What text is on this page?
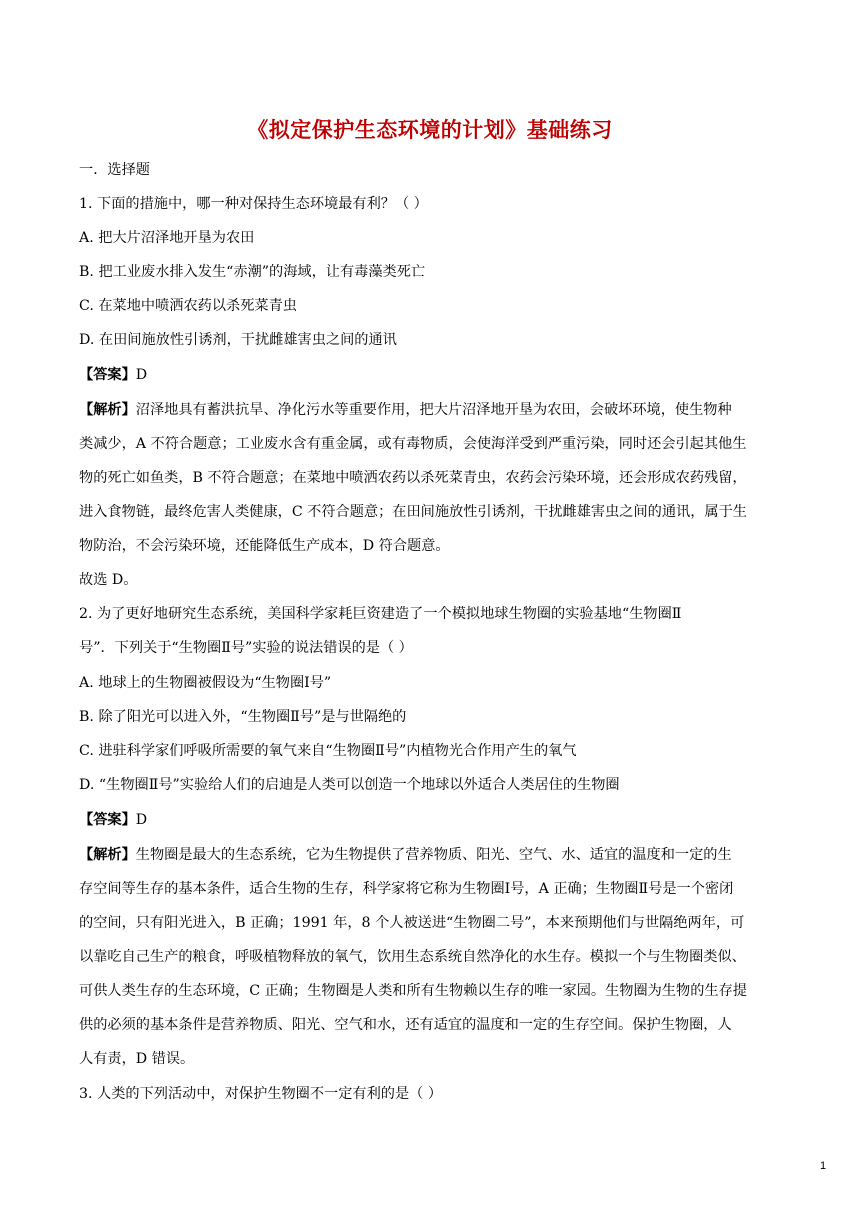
《拟定保护生态环境的计划》基础练习
一．选择题
1. 下面的措施中，哪一种对保持生态环境最有利？（ ）
A. 把大片沼泽地开垦为农田
B. 把工业废水排入发生“赤潮”的海域，让有毒藻类死亡
C. 在菜地中喷洒农药以杀死菜青虫
D. 在田间施放性引诱剂，干扰雌雄害虫之间的通讯
【答案】D
【解析】沼泽地具有蓄洪抗旱、净化污水等重要作用，把大片沼泽地开垦为农田，会破坏环境，使生物种
类减少，A 不符合题意；工业废水含有重金属，或有毒物质，会使海洋受到严重污染，同时还会引起其他生
物的死亡如鱼类，B 不符合题意；在菜地中喷洒农药以杀死菜青虫，农药会污染环境，还会形成农药残留，
进入食物链，最终危害人类健康，C 不符合题意；在田间施放性引诱剂，干扰雌雄害虫之间的通讯，属于生
物防治，不会污染环境，还能降低生产成本，D 符合题意。
故选 D。
2. 为了更好地研究生态系统，美国科学家耗巨资建造了一个模拟地球生物圈的实验基地“生物圈Ⅱ
号”．下列关于“生物圈Ⅱ号”实验的说法错误的是（ ）
A. 地球上的生物圈被假设为“生物圈Ⅰ号”
B. 除了阳光可以进入外，“生物圈Ⅱ号”是与世隔绝的
C. 进驻科学家们呼吸所需要的氧气来自“生物圈Ⅱ号”内植物光合作用产生的氧气
D. “生物圈Ⅱ号”实验给人们的启迪是人类可以创造一个地球以外适合人类居住的生物圈
【答案】D
【解析】生物圈是最大的生态系统，它为生物提供了营养物质、阳光、空气、水、适宜的温度和一定的生
存空间等生存的基本条件，适合生物的生存，科学家将它称为生物圈Ⅰ号，A 正确；生物圈Ⅱ号是一个密闭
的空间，只有阳光进入，B 正确；1991 年，8 个人被送进“生物圈二号”，本来预期他们与世隔绝两年，可
以靠吃自己生产的粮食，呼吸植物释放的氧气，饮用生态系统自然净化的水生存。模拟一个与生物圈类似、
可供人类生存的生态环境，C 正确；生物圈是人类和所有生物赖以生存的唯一家园。生物圈为生物的生存提
供的必须的基本条件是营养物质、阳光、空气和水，还有适宜的温度和一定的生存空间。保护生物圈，人
人有责，D 错误。
3. 人类的下列活动中，对保护生物圈不一定有利的是（ ）
1
